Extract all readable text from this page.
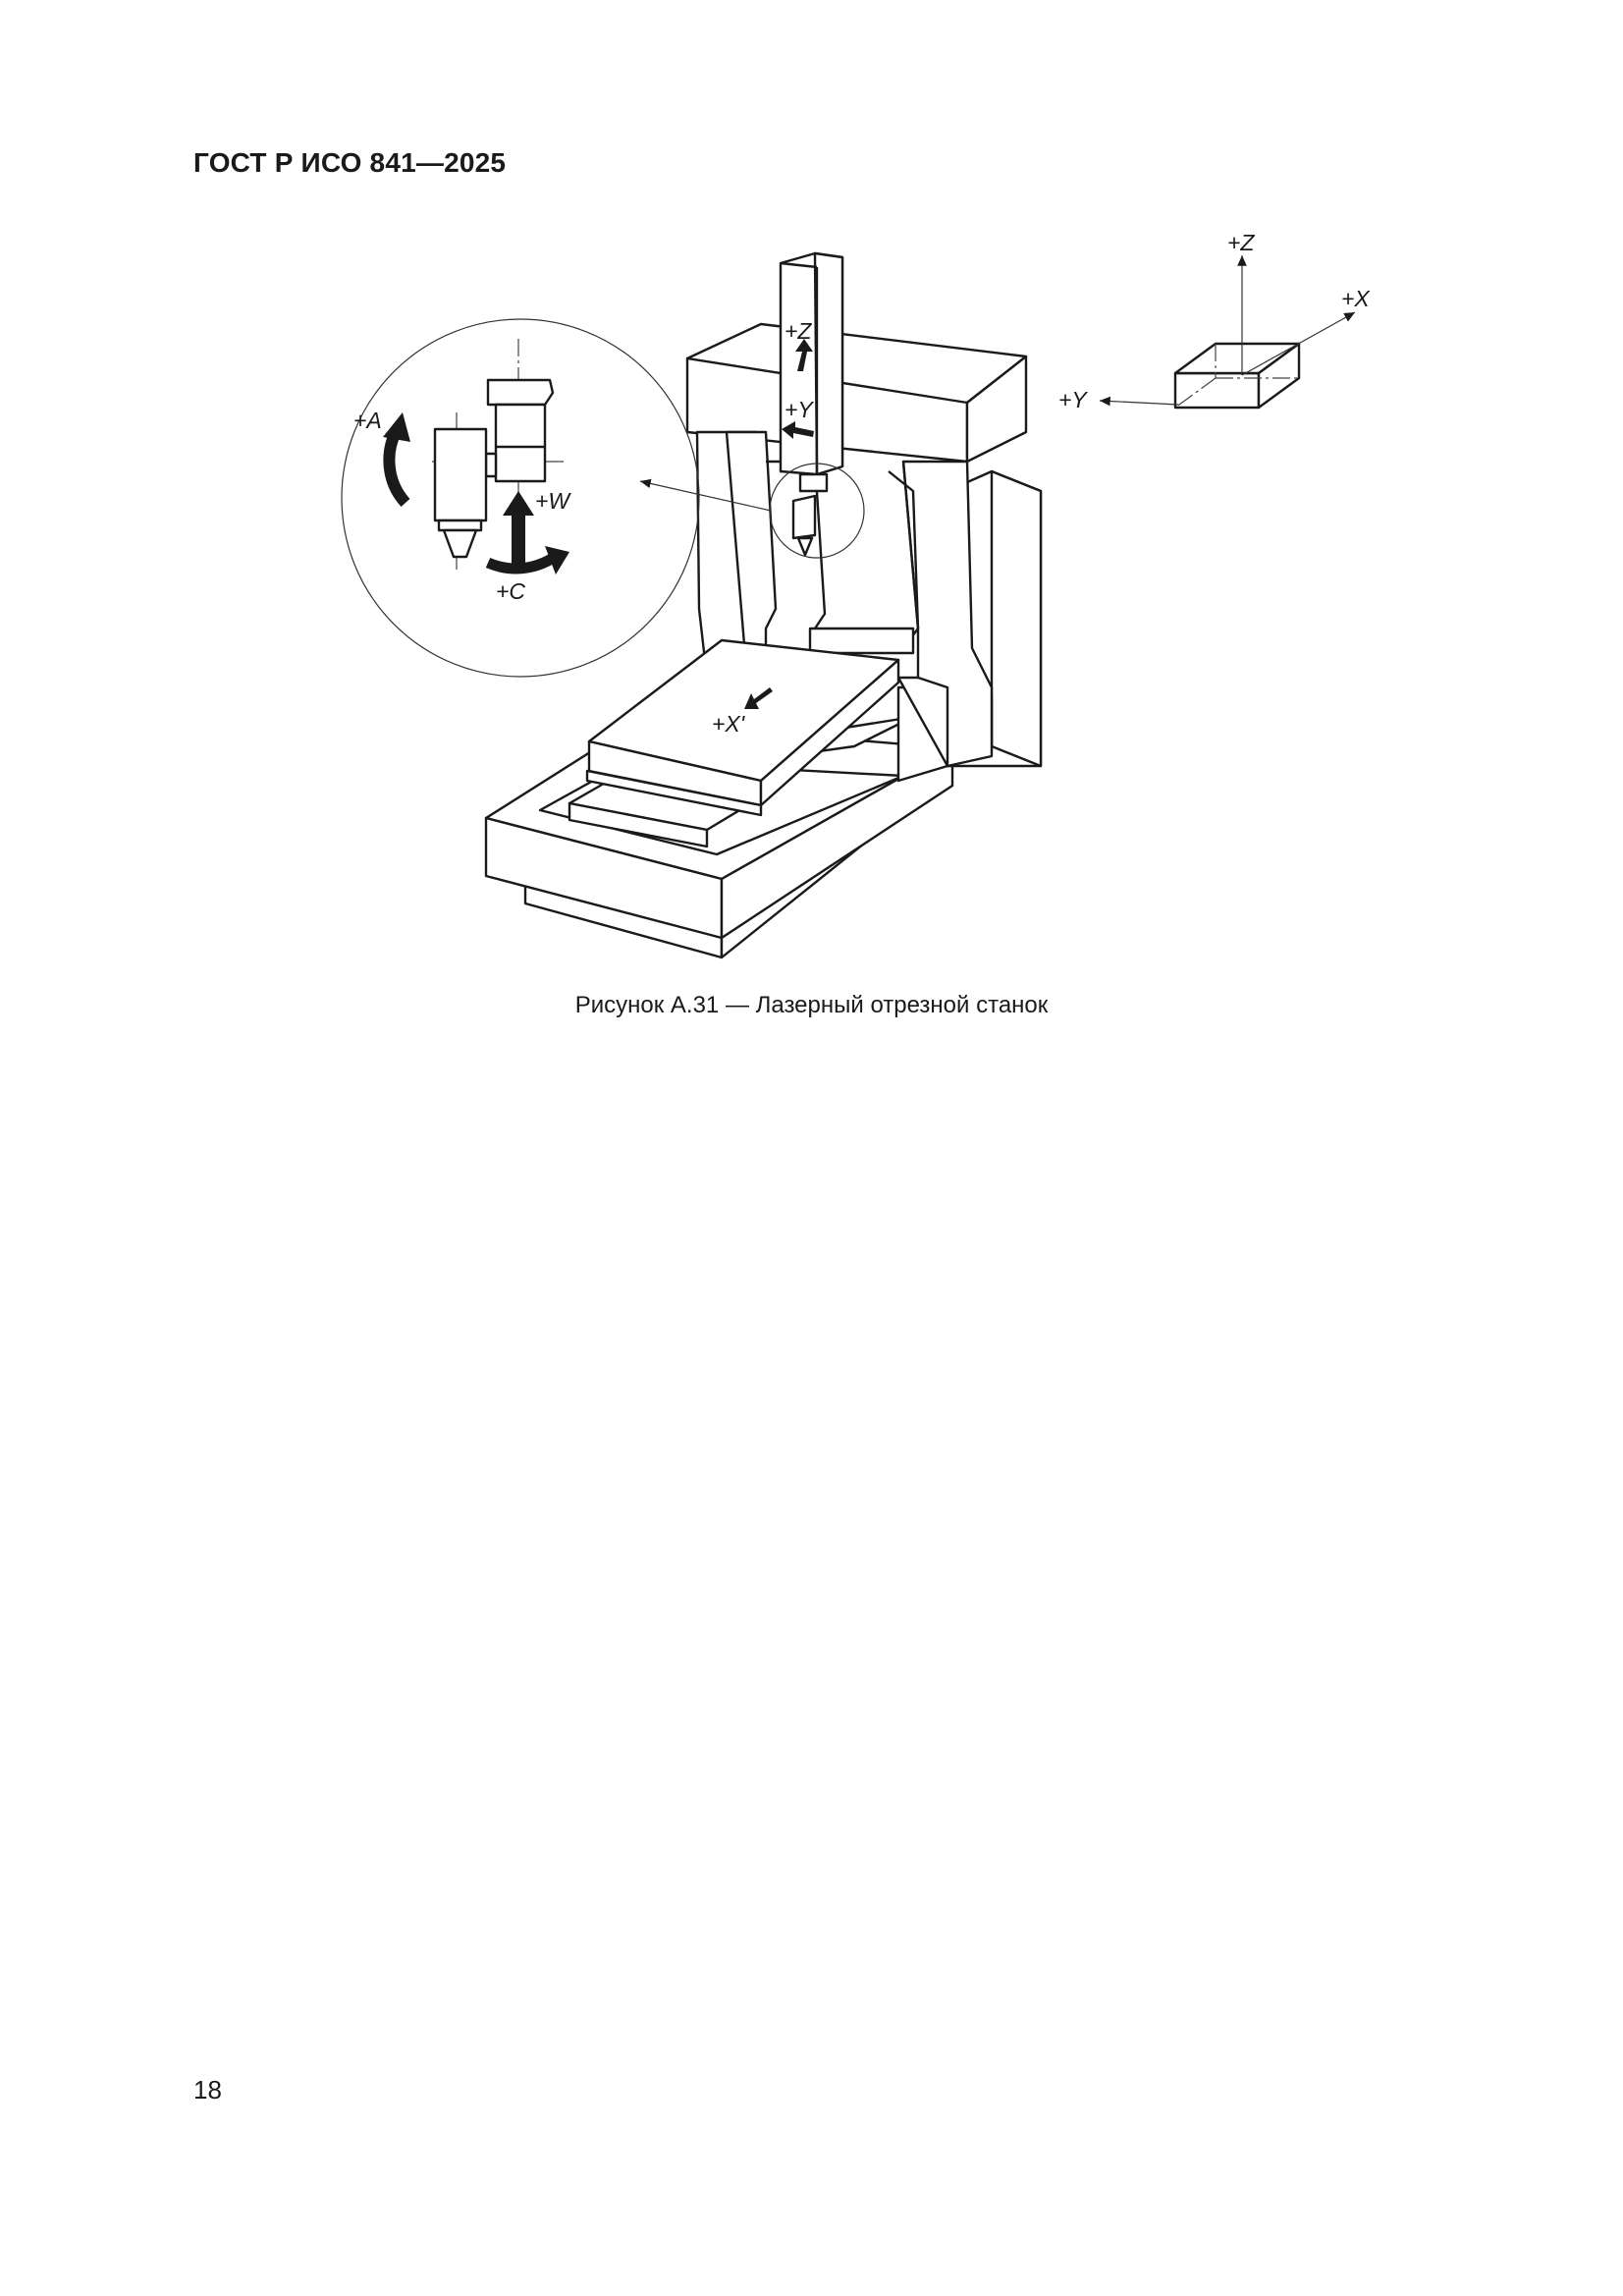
ГОСТ Р ИСО 841—2025
+Z
+X
+Y
+Z
+Y
+X'
+A
+W
+C
Рисунок А.31 — Лазерный отрезной станок
18
